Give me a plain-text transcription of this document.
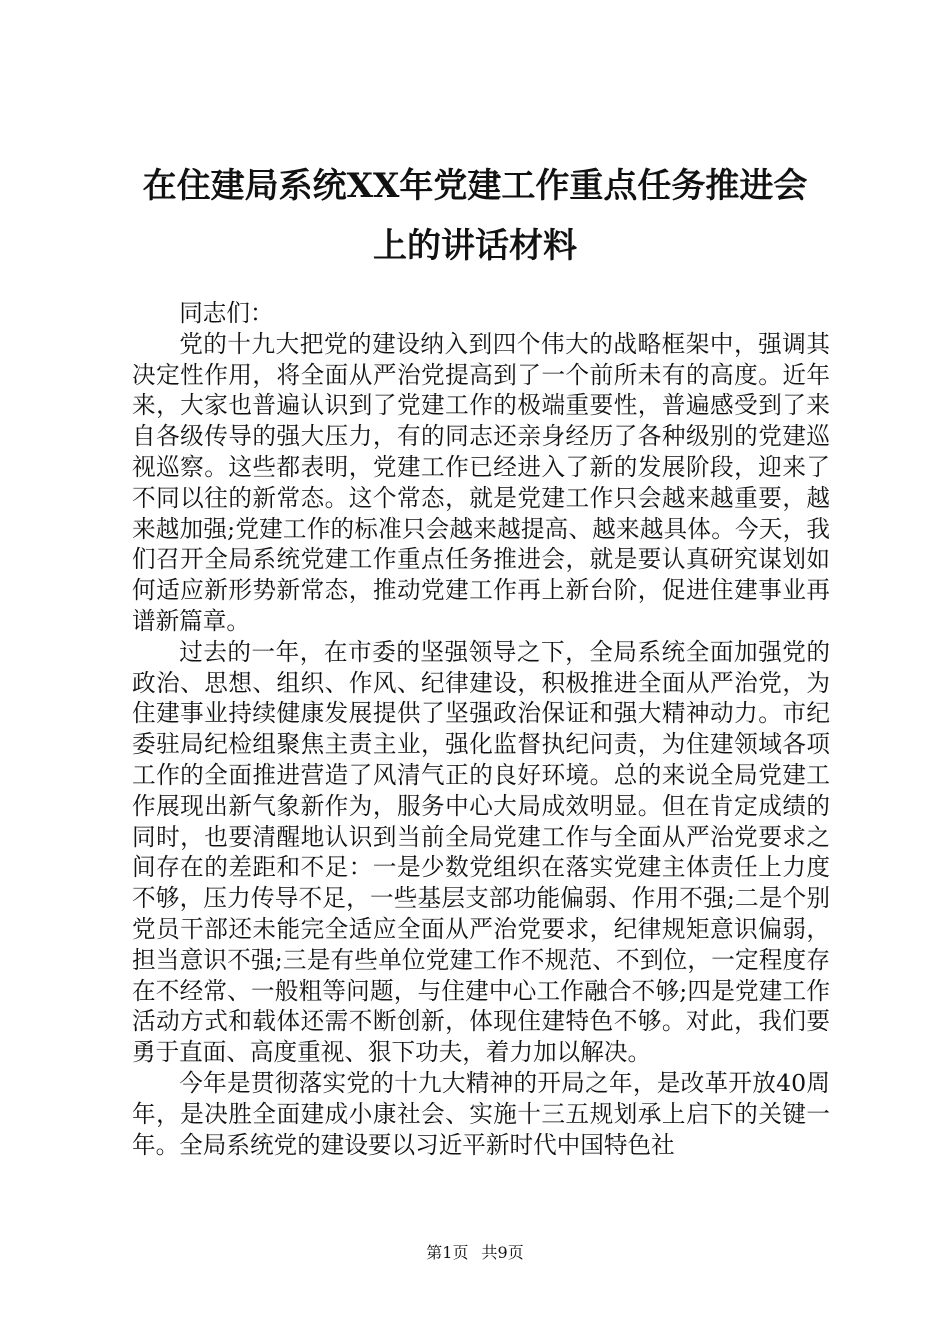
在住建局系统XX年党建工作重点任务推进会
上的讲话材料

同志们：

党的十九大把党的建设纳入到四个伟大的战略框架中，强调其决定性作用，将全面从严治党提高到了一个前所未有的高度。近年来，大家也普遍认识到了党建工作的极端重要性，普遍感受到了来自各级传导的强大压力，有的同志还亲身经历了各种级别的党建巡视巡察。这些都表明，党建工作已经进入了新的发展阶段，迎来了不同以往的新常态。这个常态，就是党建工作只会越来越重要，越来越加强;党建工作的标准只会越来越提高、越来越具体。今天，我们召开全局系统党建工作重点任务推进会，就是要认真研究谋划如何适应新形势新常态，推动党建工作再上新台阶，促进住建事业再谱新篇章。

过去的一年，在市委的坚强领导之下，全局系统全面加强党的政治、思想、组织、作风、纪律建设，积极推进全面从严治党，为住建事业持续健康发展提供了坚强政治保证和强大精神动力。市纪委驻局纪检组聚焦主责主业，强化监督执纪问责，为住建领域各项工作的全面推进营造了风清气正的良好环境。总的来说全局党建工作展现出新气象新作为，服务中心大局成效明显。但在肯定成绩的同时，也要清醒地认识到当前全局党建工作与全面从严治党要求之间存在的差距和不足：一是少数党组织在落实党建主体责任上力度不够，压力传导不足，一些基层支部功能偏弱、作用不强;二是个别党员干部还未能完全适应全面从严治党要求，纪律规矩意识偏弱，担当意识不强;三是有些单位党建工作不规范、不到位，一定程度存在不经常、一般粗等问题，与住建中心工作融合不够;四是党建工作活动方式和载体还需不断创新，体现住建特色不够。对此，我们要勇于直面、高度重视、狠下功夫，着力加以解决。

今年是贯彻落实党的十九大精神的开局之年，是改革开放40周年，是决胜全面建成小康社会、实施十三五规划承上启下的关键一年。全局系统党的建设要以习近平新时代中国特色社

第1页 共9页
